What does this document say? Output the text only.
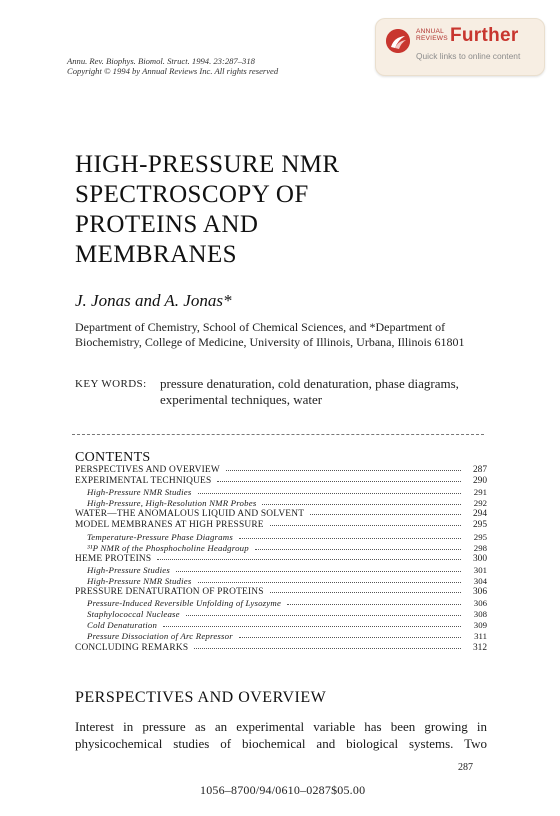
ANNUAL
REVIEWS Further
Quick links to online content
Annu. Rev. Biophys. Biomol. Struct. 1994. 23:287–318
Copyright © 1994 by Annual Reviews Inc. All rights reserved
HIGH-PRESSURE NMR
SPECTROSCOPY OF
PROTEINS AND
MEMBRANES
J. Jonas and A. Jonas*
Department of Chemistry, School of Chemical Sciences, and *Department of Biochemistry, College of Medicine, University of Illinois, Urbana, Illinois 61801
KEY WORDS: pressure denaturation, cold denaturation, phase diagrams, experimental techniques, water
CONTENTS
PERSPECTIVES AND OVERVIEW	287
EXPERIMENTAL TECHNIQUES	290
High-Pressure NMR Studies	291
High-Pressure, High-Resolution NMR Probes	292
WATER—THE ANOMALOUS LIQUID AND SOLVENT	294
MODEL MEMBRANES AT HIGH PRESSURE	295
Temperature-Pressure Phase Diagrams	295
³¹P NMR of the Phosphocholine Headgroup	298
HEME PROTEINS	300
High-Pressure Studies	301
High-Pressure NMR Studies	304
PRESSURE DENATURATION OF PROTEINS	306
Pressure-Induced Reversible Unfolding of Lysozyme	306
Staphylococcal Nuclease	308
Cold Denaturation	309
Pressure Dissociation of Arc Repressor	311
CONCLUDING REMARKS	312
PERSPECTIVES AND OVERVIEW
Interest in pressure as an experimental variable has been growing in
physicochemical studies of biochemical and biological systems. Two
287
1056–8700/94/0610–0287$05.00
